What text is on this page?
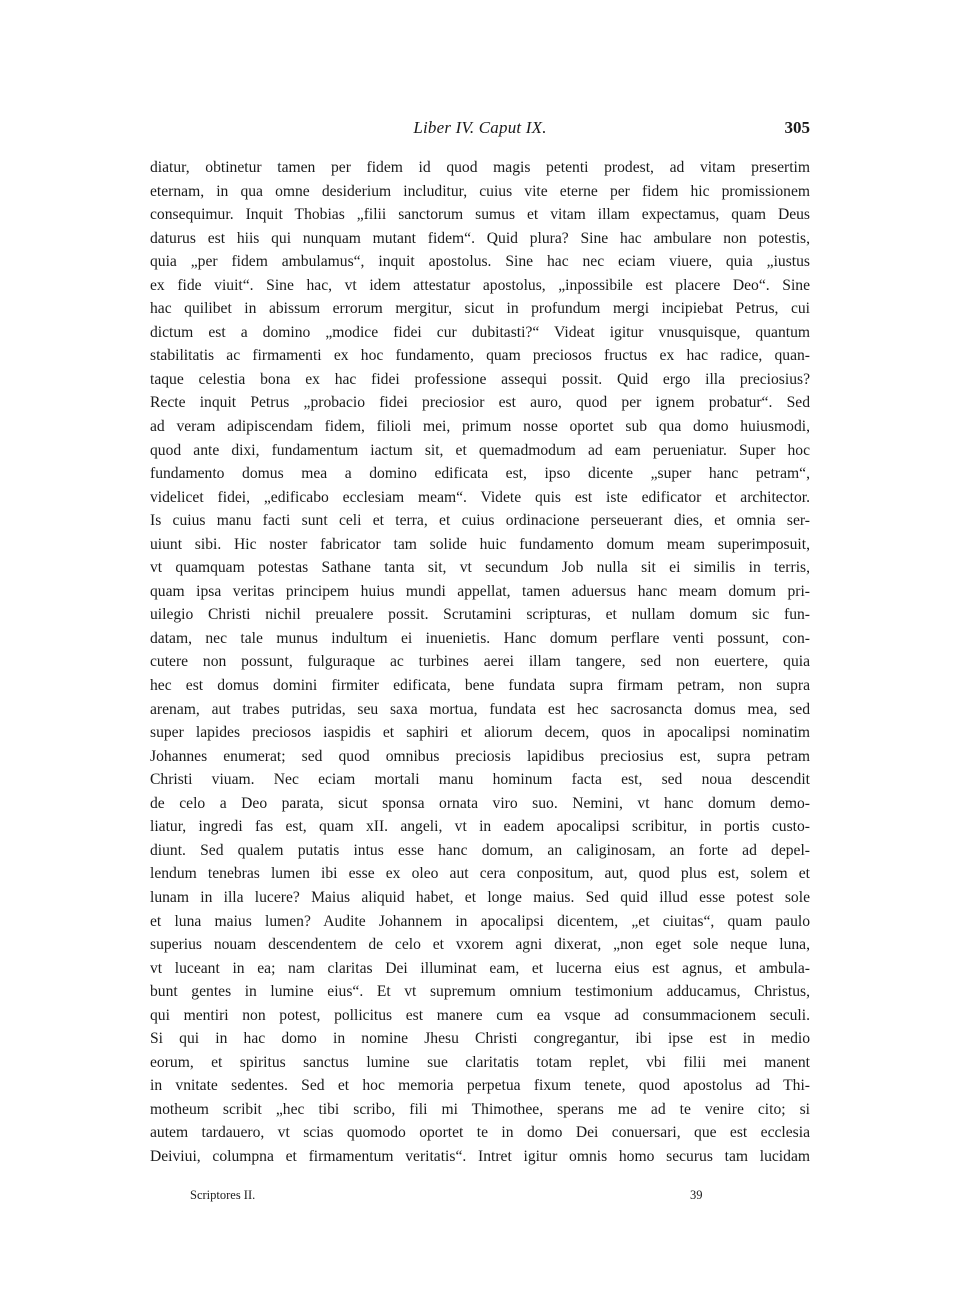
Liber IV. Caput IX.	305
diatur, obtinetur tamen per fidem id quod magis petenti prodest, ad vitam presertim
eternam, in qua omne desiderium includitur, cuius vite eterne per fidem hic promissionem
consequimur. Inquit Thobias „filii sanctorum sumus et vitam illam expectamus, quam Deus
daturus est hiis qui nunquam mutant fidem“. Quid plura? Sine hac ambulare non potestis,
quia „per fidem ambulamus“, inquit apostolus. Sine hac nec eciam viuere, quia „iustus
ex fide viuit“. Sine hac, vt idem attestatur apostolus, „inpossibile est placere Deo“. Sine
hac quilibet in abissum errorum mergitur, sicut in profundum mergi incipiebat Petrus, cui
dictum est a domino „modice fidei cur dubitasti?“ Videat igitur vnusquisque, quantum
stabilitatis ac firmamenti ex hoc fundamento, quam preciosos fructus ex hac radice, quan-
taque celestia bona ex hac fidei professione assequi possit. Quid ergo illa preciosius?
Recte inquit Petrus „probacio fidei preciosior est auro, quod per ignem probatur“. Sed
ad veram adipiscendam fidem, filioli mei, primum nosse oportet sub qua domo huiusmodi,
quod ante dixi, fundamentum iactum sit, et quemadmodum ad eam perueniatur. Super hoc
fundamento domus mea a domino edificata est, ipso dicente „super hanc petram“,
videlicet fidei, „edificabo ecclesiam meam“. Videte quis est iste edificator et architector.
Is cuius manu facti sunt celi et terra, et cuius ordinacione perseuerant dies, et omnia ser-
uiunt sibi. Hic noster fabricator tam solide huic fundamento domum meam superimposuit,
vt quamquam potestas Sathane tanta sit, vt secundum Job nulla sit ei similis in terris,
quam ipsa veritas principem huius mundi appellat, tamen aduersus hanc meam domum pri-
uilegio Christi nichil preualere possit. Scrutamini scripturas, et nullam domum sic fun-
datam, nec tale munus indultum ei inuenietis. Hanc domum perflare venti possunt, con-
cutere non possunt, fulguraque ac turbines aerei illam tangere, sed non euertere, quia
hec est domus domini firmiter edificata, bene fundata supra firmam petram, non supra
arenam, aut trabes putridas, seu saxa mortua, fundata est hec sacrosancta domus mea, sed
super lapides preciosos iaspidis et saphiri et aliorum decem, quos in apocalipsi nominatim
Johannes enumerat; sed quod omnibus preciosis lapidibus preciosius est, supra petram
Christi viuam. Nec eciam mortali manu hominum facta est, sed noua descendit
de celo a Deo parata, sicut sponsa ornata viro suo. Nemini, vt hanc domum demo-
liatur, ingredi fas est, quam xII. angeli, vt in eadem apocalipsi scribitur, in portis custo-
diunt. Sed qualem putatis intus esse hanc domum, an caliginosam, an forte ad depel-
lendum tenebras lumen ibi esse ex oleo aut cera conpositum, aut, quod plus est, solem et
lunam in illa lucere? Maius aliquid habet, et longe maius. Sed quid illud esse potest sole
et luna maius lumen? Audite Johannem in apocalipsi dicentem, „et ciuitas“, quam paulo
superius nouam descendentem de celo et vxorem agni dixerat, „non eget sole neque luna,
vt luceant in ea; nam claritas Dei illuminat eam, et lucerna eius est agnus, et ambula-
bunt gentes in lumine eius“. Et vt supremum omnium testimonium adducamus, Christus,
qui mentiri non potest, pollicitus est manere cum ea vsque ad consummacionem seculi.
Si qui in hac domo in nomine Jhesu Christi congregantur, ibi ipse est in medio
eorum, et spiritus sanctus lumine sue claritatis totam replet, vbi filii mei manent
in vnitate sedentes. Sed et hoc memoria perpetua fixum tenete, quod apostolus ad Thi-
motheum scribit „hec tibi scribo, fili mi Thimothee, sperans me ad te venire cito; si
autem tardauero, vt scias quomodo oportet te in domo Dei conuersari, que est ecclesia
Deiviui, columpna et firmamentum veritatis“. Intret igitur omnis homo securus tam lucidam
Scriptores II.	39
